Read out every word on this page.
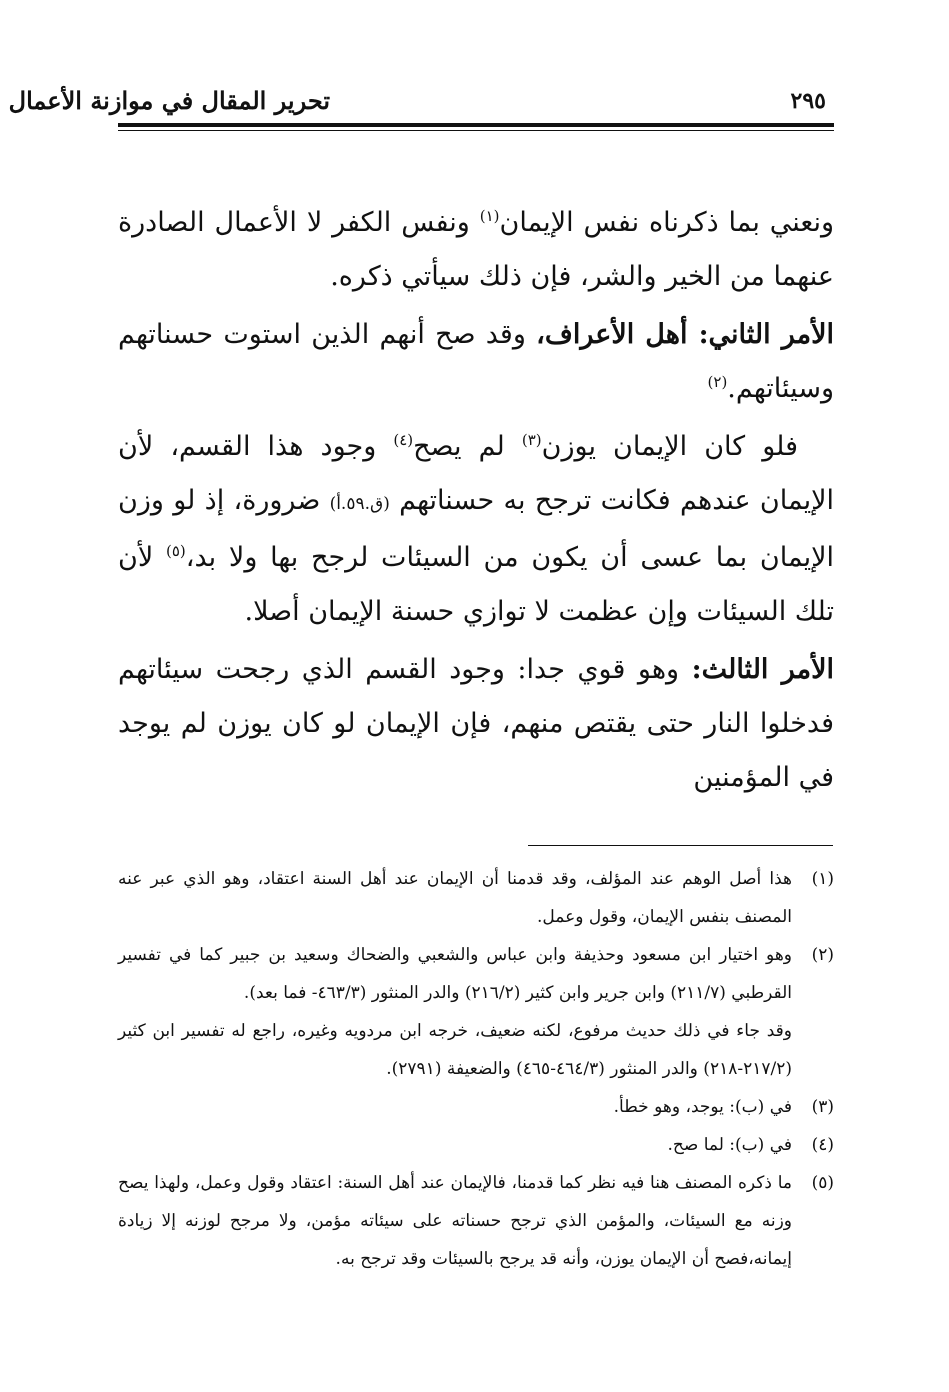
تحرير المقال في موازنة الأعمال	٢٩٥

ونعني بما ذكرناه نفس الإيمان$^{(١)}$ ونفس الكفر لا الأعمال الصادرة عنهما من الخير والشر، فإن ذلك سيأتي ذكره.

الأمر الثاني: أهل الأعراف، وقد صح أنهم الذين استوت حسناتهم وسيئاتهم.$^{(٢)}$

فلو كان الإيمان يوزن$^{(٣)}$ لم يصح$^{(٤)}$ وجود هذا القسم، لأن الإيمان عندهم فكانت ترجح به حسناتهم (ق.٥٩.أ) ضرورة، إذ لو وزن الإيمان بما عسى أن يكون من السيئات لرجح بها ولا بد،$^{(٥)}$ لأن تلك السيئات وإن عظمت لا توازي حسنة الإيمان أصلا.

الأمر الثالث: وهو قوي جدا: وجود القسم الذي رجحت سيئاتهم فدخلوا النار حتى يقتص منهم، فإن الإيمان لو كان يوزن لم يوجد في المؤمنين

(١)
هذا أصل الوهم عند المؤلف، وقد قدمنا أن الإيمان عند أهل السنة اعتقاد، وهو الذي عبر عنه المصنف بنفس الإيمان، وقول وعمل.
(٢)
وهو اختيار ابن مسعود وحذيفة وابن عباس والشعبي والضحاك وسعيد بن جبير كما في تفسير القرطبي (٢١١/٧) وابن جرير وابن كثير (٢١٦/٢) والدر المنثور (٤٦٣/٣- فما بعد).
وقد جاء في ذلك حديث مرفوع، لكنه ضعيف، خرجه ابن مردويه وغيره، راجع له تفسير ابن كثير (٢١٧/٢-٢١٨) والدر المنثور (٤٦٤/٣-٤٦٥) والضعيفة (٢٧٩١).
(٣)
في (ب): يوجد، وهو خطأ.
(٤)
في (ب): لما صح.
(٥)
ما ذكره المصنف هنا فيه نظر كما قدمنا، فالإيمان عند أهل السنة: اعتقاد وقول وعمل، ولهذا يصح وزنه مع السيئات، والمؤمن الذي ترجح حسناته على سيئاته مؤمن، ولا مرجح لوزنه إلا زيادة إيمانه،فصح أن الإيمان يوزن، وأنه قد يرجح بالسيئات وقد ترجح به.
